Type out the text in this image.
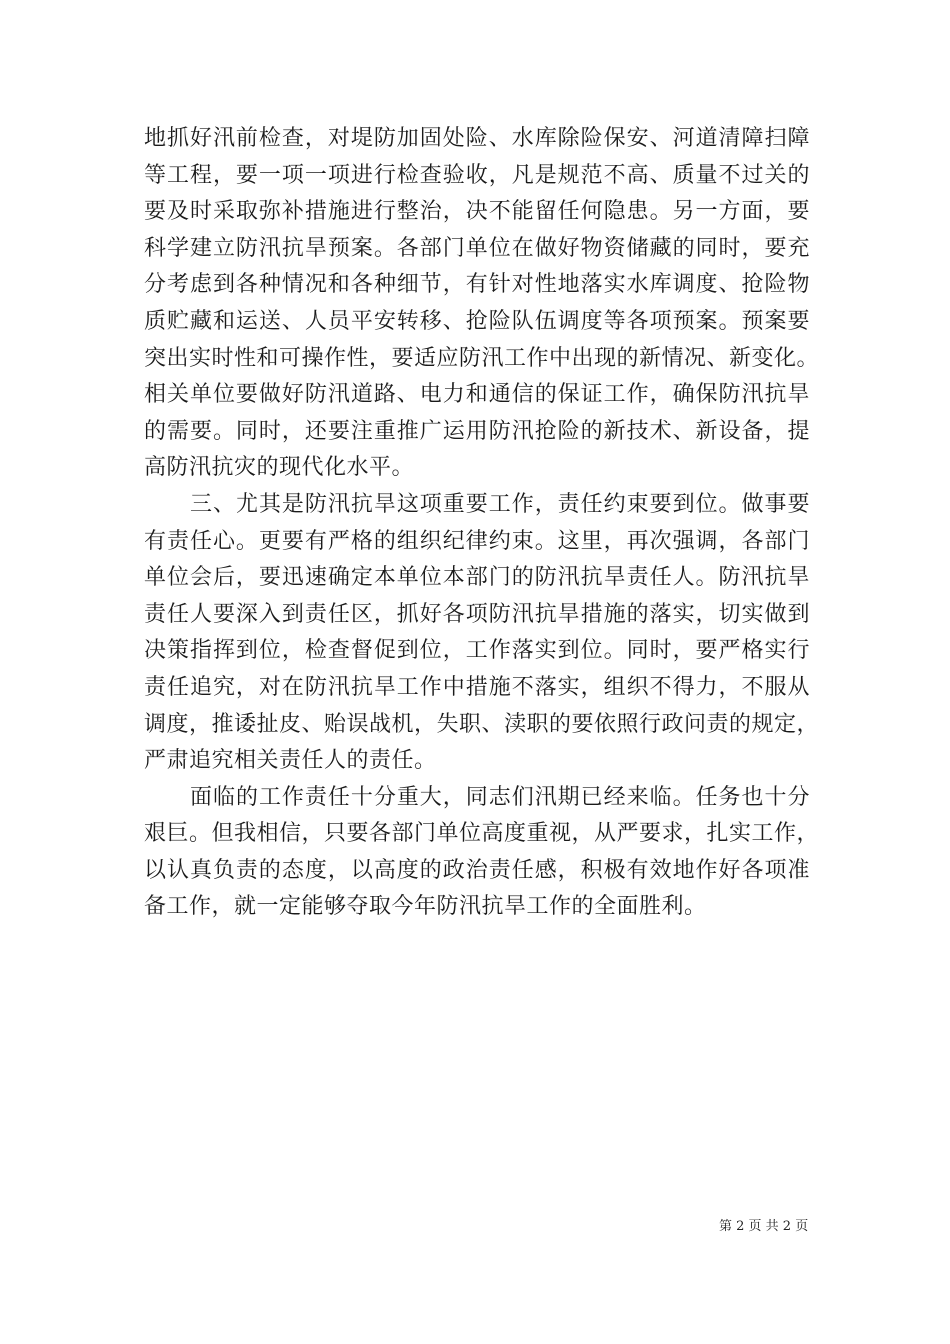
地抓好汛前检查，对堤防加固处险、水库除险保安、河道清障扫障
等工程，要一项一项进行检查验收，凡是规范不高、质量不过关的
要及时采取弥补措施进行整治，决不能留任何隐患。另一方面，要
科学建立防汛抗旱预案。各部门单位在做好物资储藏的同时，要充
分考虑到各种情况和各种细节，有针对性地落实水库调度、抢险物
质贮藏和运送、人员平安转移、抢险队伍调度等各项预案。预案要
突出实时性和可操作性，要适应防汛工作中出现的新情况、新变化。
相关单位要做好防汛道路、电力和通信的保证工作，确保防汛抗旱
的需要。同时，还要注重推广运用防汛抢险的新技术、新设备，提
高防汛抗灾的现代化水平。
三、尤其是防汛抗旱这项重要工作，责任约束要到位。做事要
有责任心。更要有严格的组织纪律约束。这里，再次强调，各部门
单位会后，要迅速确定本单位本部门的防汛抗旱责任人。防汛抗旱
责任人要深入到责任区，抓好各项防汛抗旱措施的落实，切实做到
决策指挥到位，检查督促到位，工作落实到位。同时，要严格实行
责任追究，对在防汛抗旱工作中措施不落实，组织不得力，不服从
调度，推诿扯皮、贻误战机，失职、渎职的要依照行政问责的规定，
严肃追究相关责任人的责任。
面临的工作责任十分重大，同志们汛期已经来临。任务也十分
艰巨。但我相信，只要各部门单位高度重视，从严要求，扎实工作，
以认真负责的态度，以高度的政治责任感，积极有效地作好各项准
备工作，就一定能够夺取今年防汛抗旱工作的全面胜利。
第 2 页 共 2 页
